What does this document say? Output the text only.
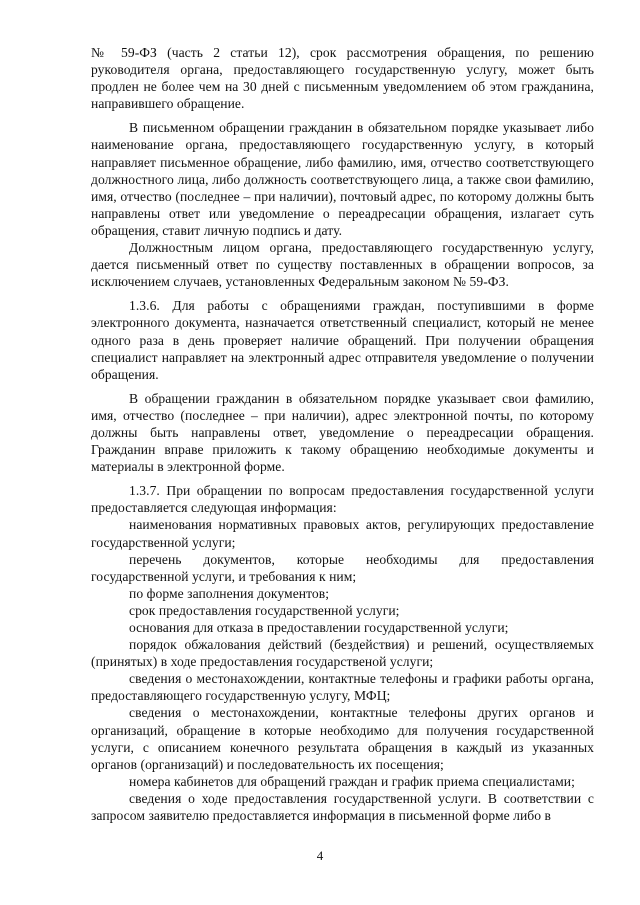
№ 59-ФЗ (часть 2 статьи 12), срок рассмотрения обращения, по решению руководителя органа, предоставляющего государственную услугу, может быть продлен не более чем на 30 дней с письменным уведомлением об этом гражданина, направившего обращение.

В письменном обращении гражданин в обязательном порядке указывает либо наименование органа, предоставляющего государственную услугу, в который направляет письменное обращение, либо фамилию, имя, отчество соответствующего должностного лица, либо должность соответствующего лица, а также свои фамилию, имя, отчество (последнее – при наличии), почтовый адрес, по которому должны быть направлены ответ или уведомление о переадресации обращения, излагает суть обращения, ставит личную подпись и дату.

Должностным лицом органа, предоставляющего государственную услугу, дается письменный ответ по существу поставленных в обращении вопросов, за исключением случаев, установленных Федеральным законом № 59-ФЗ.

1.3.6. Для работы с обращениями граждан, поступившими в форме электронного документа, назначается ответственный специалист, который не менее одного раза в день проверяет наличие обращений. При получении обращения специалист направляет на электронный адрес отправителя уведомление о получении обращения.

В обращении гражданин в обязательном порядке указывает свои фамилию, имя, отчество (последнее – при наличии), адрес электронной почты, по которому должны быть направлены ответ, уведомление о переадресации обращения. Гражданин вправе приложить к такому обращению необходимые документы и материалы в электронной форме.

1.3.7. При обращении по вопросам предоставления государственной услуги предоставляется следующая информация:

наименования нормативных правовых актов, регулирующих предоставление государственной услуги;

перечень документов, которые необходимы для предоставления государственной услуги, и требования к ним;

по форме заполнения документов;

срок предоставления государственной услуги;

основания для отказа в предоставлении государственной услуги;

порядок обжалования действий (бездействия) и решений, осуществляемых (принятых) в ходе предоставления государственой услуги;

сведения о местонахождении, контактные телефоны и графики работы органа, предоставляющего государственную услугу, МФЦ;

сведения о местонахождении, контактные телефоны других органов и организаций, обращение в которые необходимо для получения государственной услуги, с описанием конечного результата обращения в каждый из указанных органов (организаций) и последовательность их посещения;

номера кабинетов для обращений граждан и график приема специалистами;

сведения о ходе предоставления государственной услуги. В соответствии с запросом заявителю предоставляется информация в письменной форме либо в

4
